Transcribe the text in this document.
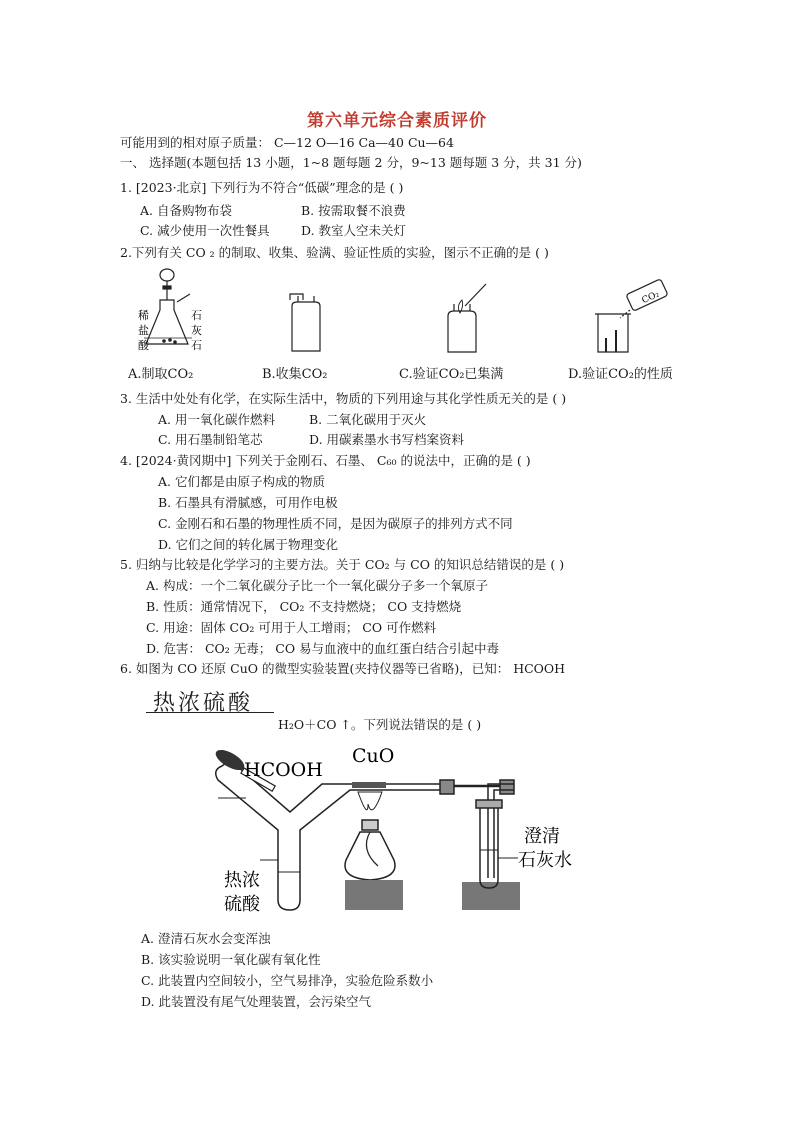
第六单元综合素质评价
可能用到的相对原子质量： C—12 O—16 Ca—40 Cu—64
一、 选择题(本题包括 13 小题，1~8 题每题 2 分，9~13 题每题 3 分，共 31 分)
1. [2023·北京] 下列行为不符合“低碳”理念的是 ( )
A. 自备购物布袋	B. 按需取餐不浪费
C. 减少使用一次性餐具	D. 教室人空未关灯
2.下列有关 CO ₂ 的制取、收集、验满、验证性质的实验，图示不正确的是 ( )
稀
盐
酸
石
灰
石
CO₂
A.制取CO₂	B.收集CO₂	C.验证CO₂已集满	D.验证CO₂的性质
3. 生活中处处有化学，在实际生活中，物质的下列用途与其化学性质无关的是 ( )
A. 用一氧化碳作燃料	B. 二氧化碳用于灭火
C. 用石墨制铅笔芯	D. 用碳素墨水书写档案资料
4. [2024·黄冈期中] 下列关于金刚石、石墨、 C₆₀ 的说法中，正确的是 ( )
A. 它们都是由原子构成的物质
B. 石墨具有滑腻感，可用作电极
C. 金刚石和石墨的物理性质不同，是因为碳原子的排列方式不同
D. 它们之间的转化属于物理变化
5. 归纳与比较是化学学习的主要方法。关于 CO₂ 与 CO 的知识总结错误的是 ( )
A. 构成：一个二氧化碳分子比一个一氧化碳分子多一个氧原子
B. 性质：通常情况下， CO₂ 不支持燃烧； CO 支持燃烧
C. 用途：固体 CO₂ 可用于人工增雨； CO 可作燃料
D. 危害： CO₂ 无毒； CO 易与血液中的血红蛋白结合引起中毒
6. 如图为 CO 还原 CuO 的微型实验装置(夹持仪器等已省略)，已知： HCOOH
热浓硫酸
H₂O＋CO ↑。下列说法错误的是 ( )
HCOOH
CuO
热浓
硫酸
澄清
石灰水
A. 澄清石灰水会变浑浊
B. 该实验说明一氧化碳有氧化性
C. 此装置内空间较小，空气易排净，实验危险系数小
D. 此装置没有尾气处理装置，会污染空气
